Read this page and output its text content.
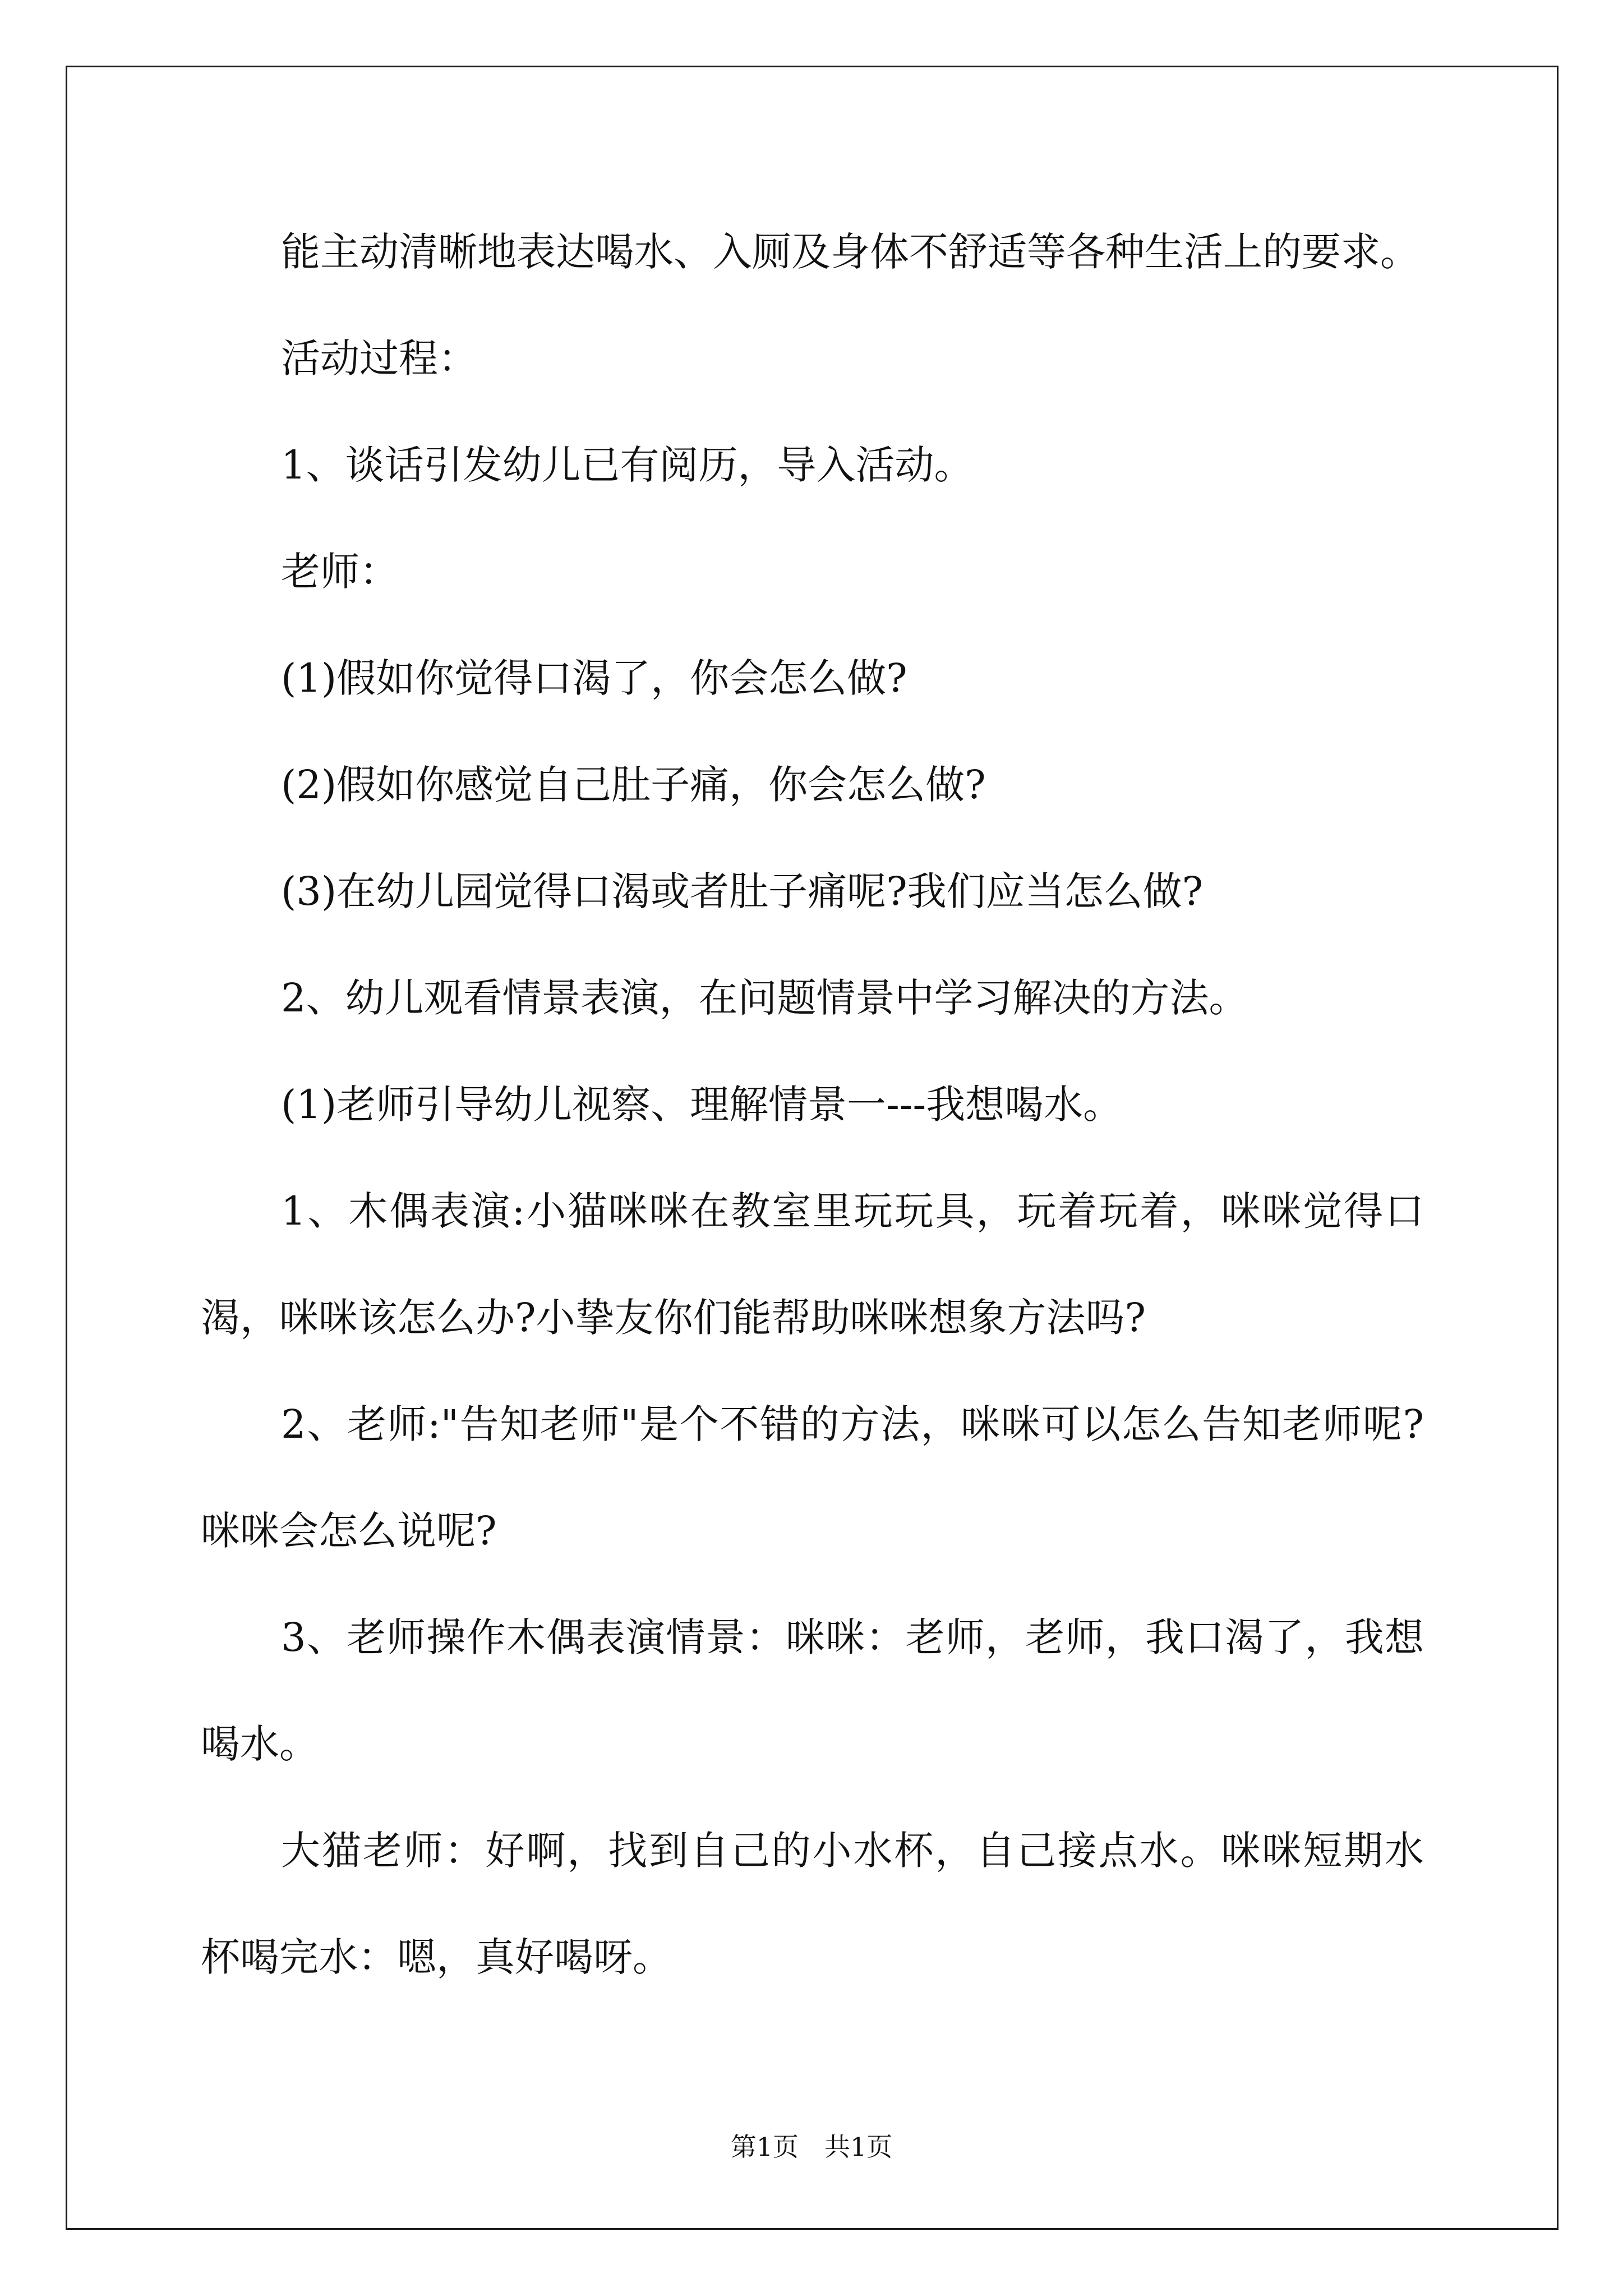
能主动清晰地表达喝水、入厕及身体不舒适等各种生活上的要求。
活动过程：
1、谈话引发幼儿已有阅历，导入活动。
老师：
(1)假如你觉得口渴了，你会怎么做?
(2)假如你感觉自己肚子痛，你会怎么做?
(3)在幼儿园觉得口渴或者肚子痛呢?我们应当怎么做?
2、幼儿观看情景表演，在问题情景中学习解决的方法。
(1)老师引导幼儿视察、理解情景一---我想喝水。
1、木偶表演:小猫咪咪在教室里玩玩具，玩着玩着，咪咪觉得口
渴，咪咪该怎么办?小挚友你们能帮助咪咪想象方法吗?
2、老师:"告知老师"是个不错的方法，咪咪可以怎么告知老师呢?
咪咪会怎么说呢?
3、老师操作木偶表演情景：咪咪：老师，老师，我口渴了，我想
喝水。
大猫老师：好啊，找到自己的小水杯，自己接点水。咪咪短期水
杯喝完水：嗯，真好喝呀。
第1页　共1页
